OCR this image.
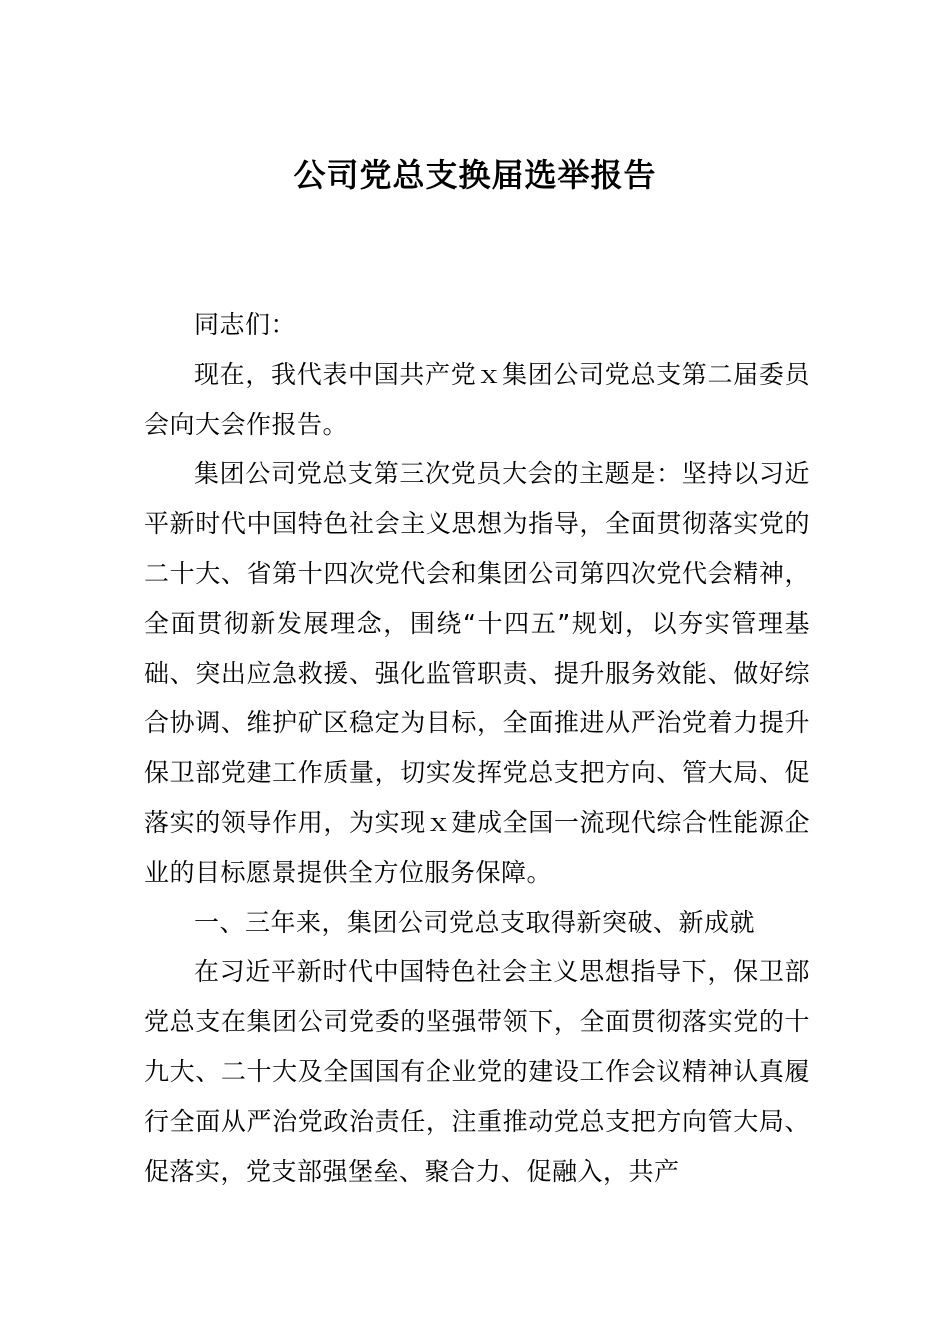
公司党总支换届选举报告

同志们：

现在，我代表中国共产党ｘ集团公司党总支第二届委员会向大会作报告。

集团公司党总支第三次党员大会的主题是：坚持以习近平新时代中国特色社会主义思想为指导，全面贯彻落实党的二十大、省第十四次党代会和集团公司第四次党代会精神，全面贯彻新发展理念，围绕“十四五”规划，以夯实管理基础、突出应急救援、强化监管职责、提升服务效能、做好综合协调、维护矿区稳定为目标，全面推进从严治党着力提升保卫部党建工作质量，切实发挥党总支把方向、管大局、促落实的领导作用，为实现ｘ建成全国一流现代综合性能源企业的目标愿景提供全方位服务保障。

一、三年来，集团公司党总支取得新突破、新成就

在习近平新时代中国特色社会主义思想指导下，保卫部党总支在集团公司党委的坚强带领下，全面贯彻落实党的十九大、二十大及全国国有企业党的建设工作会议精神认真履行全面从严治党政治责任，注重推动党总支把方向管大局、促落实，党支部强堡垒、聚合力、促融入，共产
